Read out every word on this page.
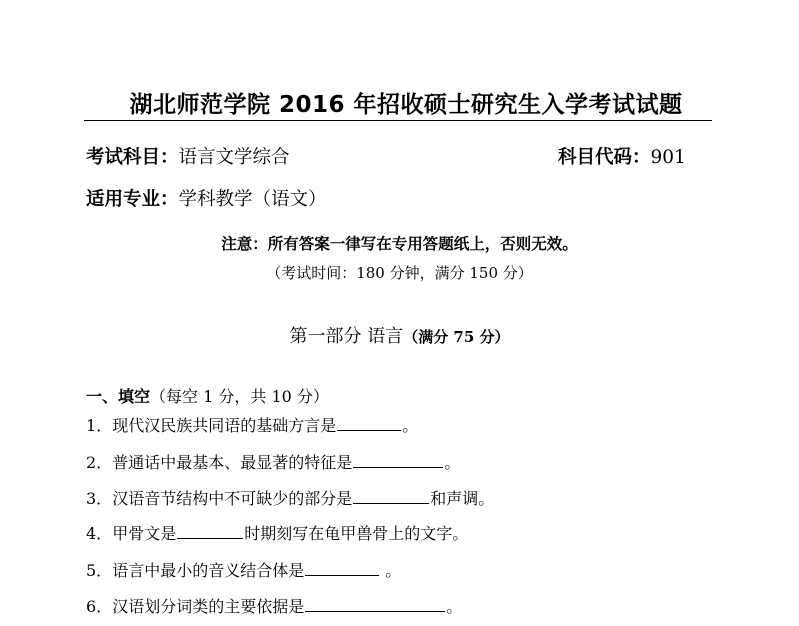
湖北师范学院 2016 年招收硕士研究生入学考试试题
考试科目：语言文学综合	科目代码：901
适用专业：学科教学（语文）
注意：所有答案一律写在专用答题纸上，否则无效。
（考试时间：180 分钟，满分 150 分）
第一部分 语言（满分 75 分）
一、填空（每空 1 分，共 10 分）
1．现代汉民族共同语的基础方言是	。
2．普通话中最基本、最显著的特征是	。
3．汉语音节结构中不可缺少的部分是	和声调。
4．甲骨文是	时期刻写在龟甲兽骨上的文字。
5．语言中最小的音义结合体是	。
6．汉语划分词类的主要依据是	。
